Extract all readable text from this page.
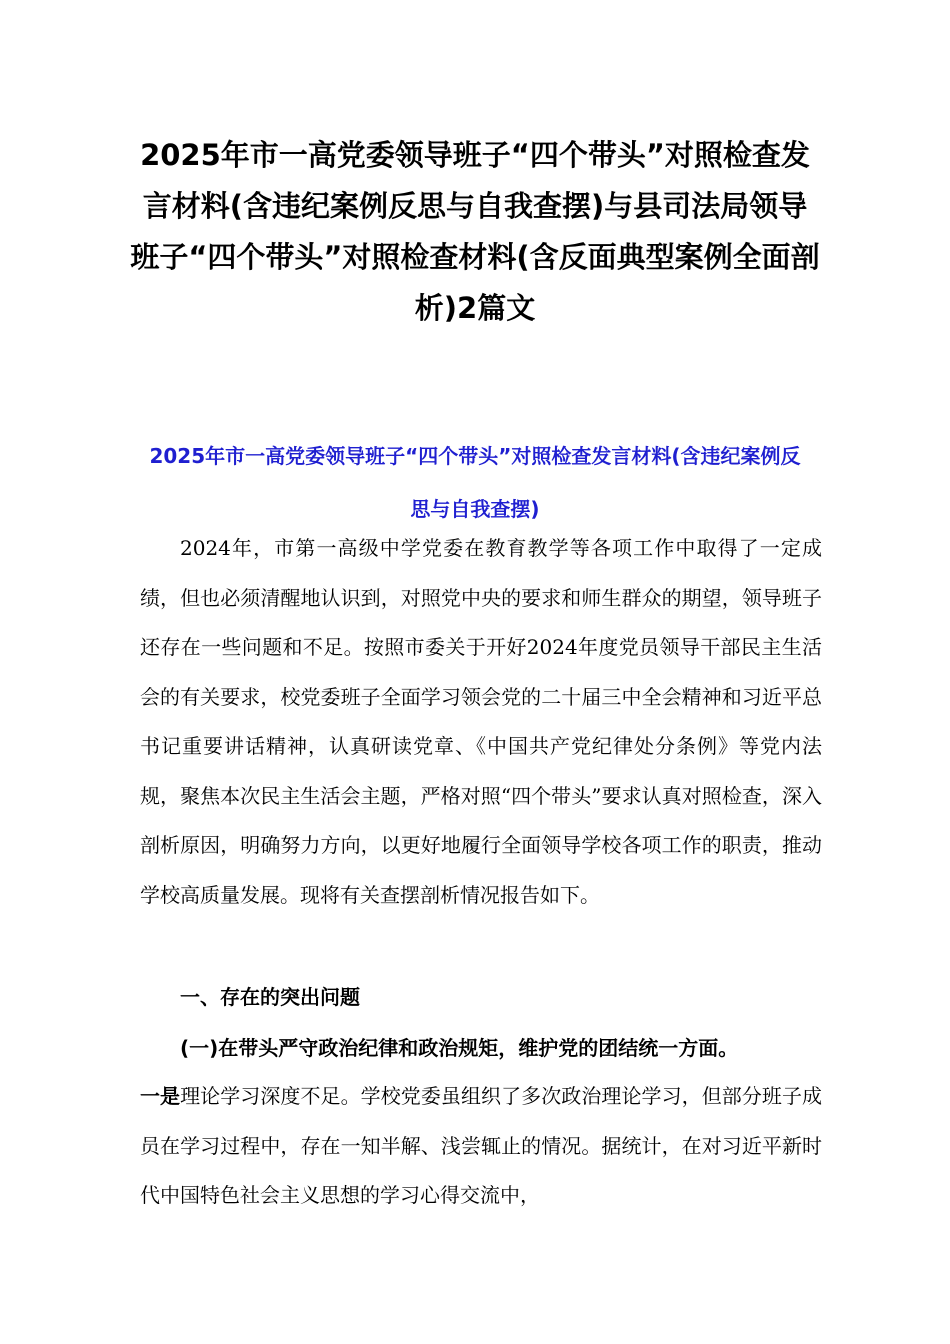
2025年市一高党委领导班子“四个带头”对照检查发言材料(含违纪案例反思与自我查摆)与县司法局领导班子“四个带头”对照检查材料(含反面典型案例全面剖析)2篇文
2025年市一高党委领导班子“四个带头”对照检查发言材料(含违纪案例反思与自我查摆)

2024年，市第一高级中学党委在教育教学等各项工作中取得了一定成绩，但也必须清醒地认识到，对照党中央的要求和师生群众的期望，领导班子还存在一些问题和不足。按照市委关于开好2024年度党员领导干部民主生活会的有关要求，校党委班子全面学习领会党的二十届三中全会精神和习近平总书记重要讲话精神，认真研读党章、《中国共产党纪律处分条例》等党内法规，聚焦本次民主生活会主题，严格对照“四个带头”要求认真对照检查，深入剖析原因，明确努力方向，以更好地履行全面领导学校各项工作的职责，推动学校高质量发展。现将有关查摆剖析情况报告如下。

一、存在的突出问题
(一)在带头严守政治纪律和政治规矩，维护党的团结统一方面。

一是理论学习深度不足。学校党委虽组织了多次政治理论学习，但部分班子成员在学习过程中，存在一知半解、浅尝辄止的情况。据统计，在对习近平新时代中国特色社会主义思想的学习心得交流中，
